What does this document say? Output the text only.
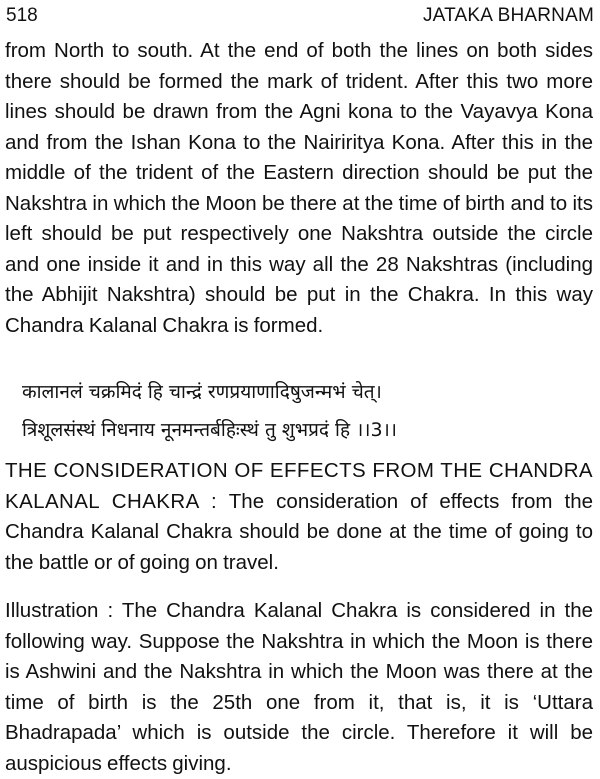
518	JATAKA BHARNAM

from North to south. At the end of both the lines on both sides there should be formed the mark of trident. After this two more lines should be drawn from the Agni kona to the Vayavya Kona and from the Ishan Kona to the Nairiritya Kona. After this in the middle of the trident of the Eastern direction should be put the Nakshtra in which the Moon be there at the time of birth and to its left should be put respectively one Nakshtra outside the circle and one inside it and in this way all the 28 Nakshtras (including the Abhijit Nakshtra) should be put in the Chakra. In this way Chandra Kalanal Chakra is formed.

कालानलं चक्रमिदं हि चान्द्रं रणप्रयाणादिषुजन्मभं चेत्।

त्रिशूलसंस्थं निधनाय नूनमन्तर्बहिःस्थं तु शुभप्रदं हि ।।3।।

THE CONSIDERATION OF EFFECTS FROM THE CHANDRA KALANAL CHAKRA : The consideration of effects from the Chandra Kalanal Chakra should be done at the time of going to the battle or of going on travel.

Illustration : The Chandra Kalanal Chakra is considered in the following way. Suppose the Nakshtra in which the Moon is there is Ashwini and the Nakshtra in which the Moon was there at the time of birth is the 25th one from it, that is, it is ‘Uttara Bhadrapada’ which is outside the circle. Therefore it will be auspicious effects giving.
